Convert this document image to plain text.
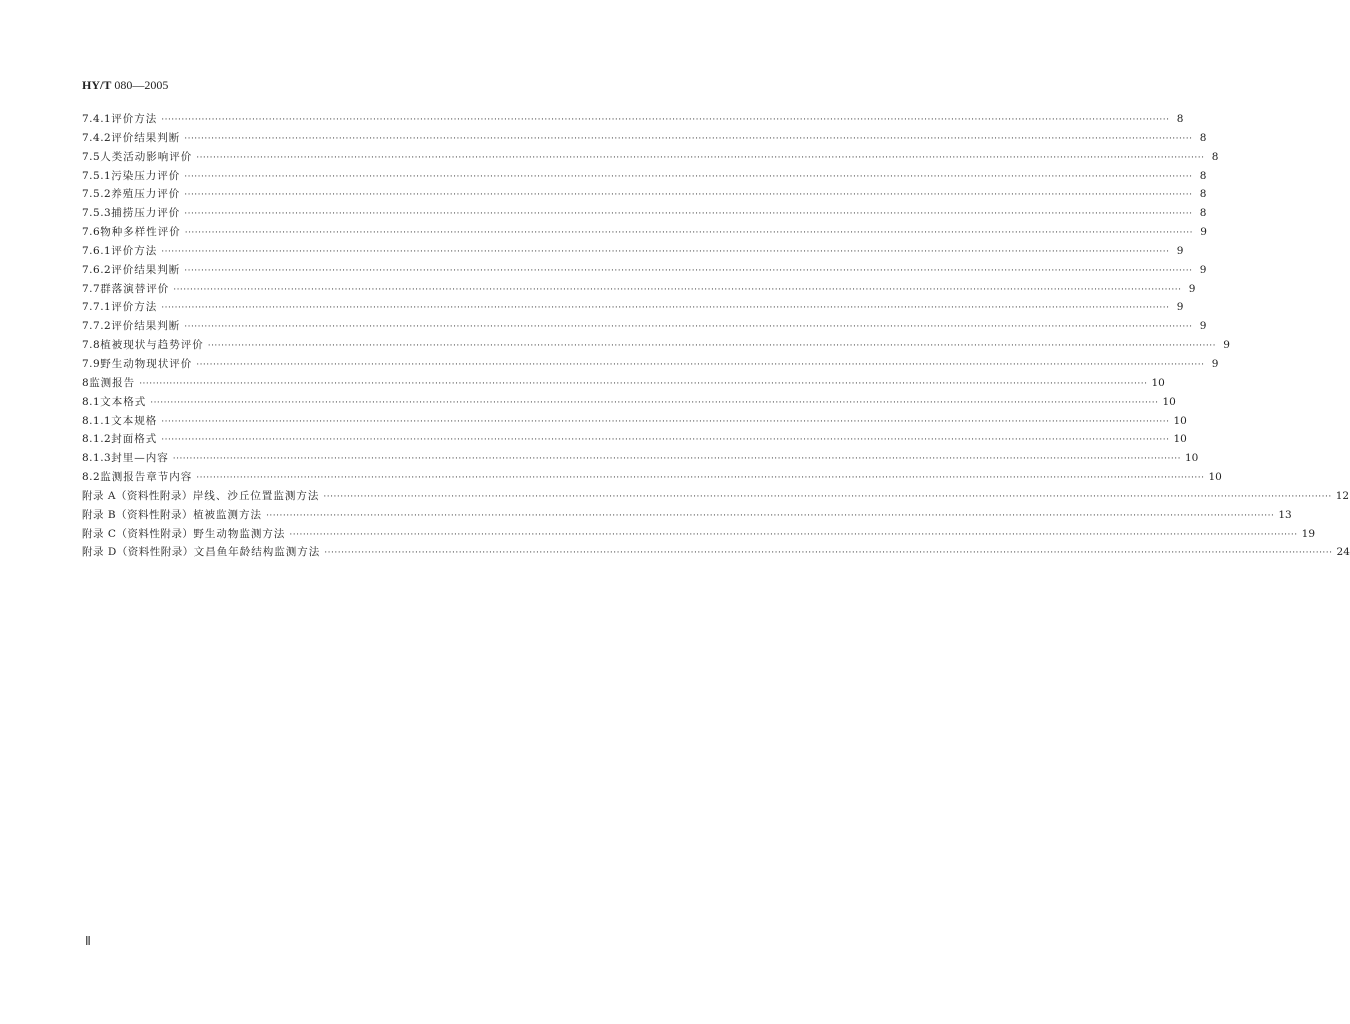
HY/T 080—2005
7.4.1 评价方法 ············································································································································································································································································································ 8
7.4.2 评价结果判断 ············································································································································································································································································································ 8
7.5 人类活动影响评价 ············································································································································································································································································································ 8
7.5.1 污染压力评价 ············································································································································································································································································································ 8
7.5.2 养殖压力评价 ············································································································································································································································································································ 8
7.5.3 捕捞压力评价 ············································································································································································································································································································ 8
7.6 物种多样性评价 ············································································································································································································································································································ 9
7.6.1 评价方法 ············································································································································································································································································································ 9
7.6.2 评价结果判断 ············································································································································································································································································································ 9
7.7 群落演替评价 ············································································································································································································································································································ 9
7.7.1 评价方法 ············································································································································································································································································································ 9
7.7.2 评价结果判断 ············································································································································································································································································································ 9
7.8 植被现状与趋势评价 ············································································································································································································································································································ 9
7.9 野生动物现状评价 ············································································································································································································································································································ 9
8 监测报告 ············································································································································································································································································································ 10
8.1 文本格式 ············································································································································································································································································································ 10
8.1.1 文本规格 ············································································································································································································································································································ 10
8.1.2 封面格式 ············································································································································································································································································································ 10
8.1.3 封里—内容 ············································································································································································································································································································ 10
8.2 监测报告章节内容 ············································································································································································································································································································ 10
附录 A（资料性附录） 岸线、沙丘位置监测方法 ············································································································································································································································································································ 12
附录 B（资料性附录） 植被监测方法 ············································································································································································································································································································ 13
附录 C（资料性附录） 野生动物监测方法 ············································································································································································································································································································ 19
附录 D（资料性附录） 文昌鱼年龄结构监测方法 ············································································································································································································································································································ 24
Ⅱ
